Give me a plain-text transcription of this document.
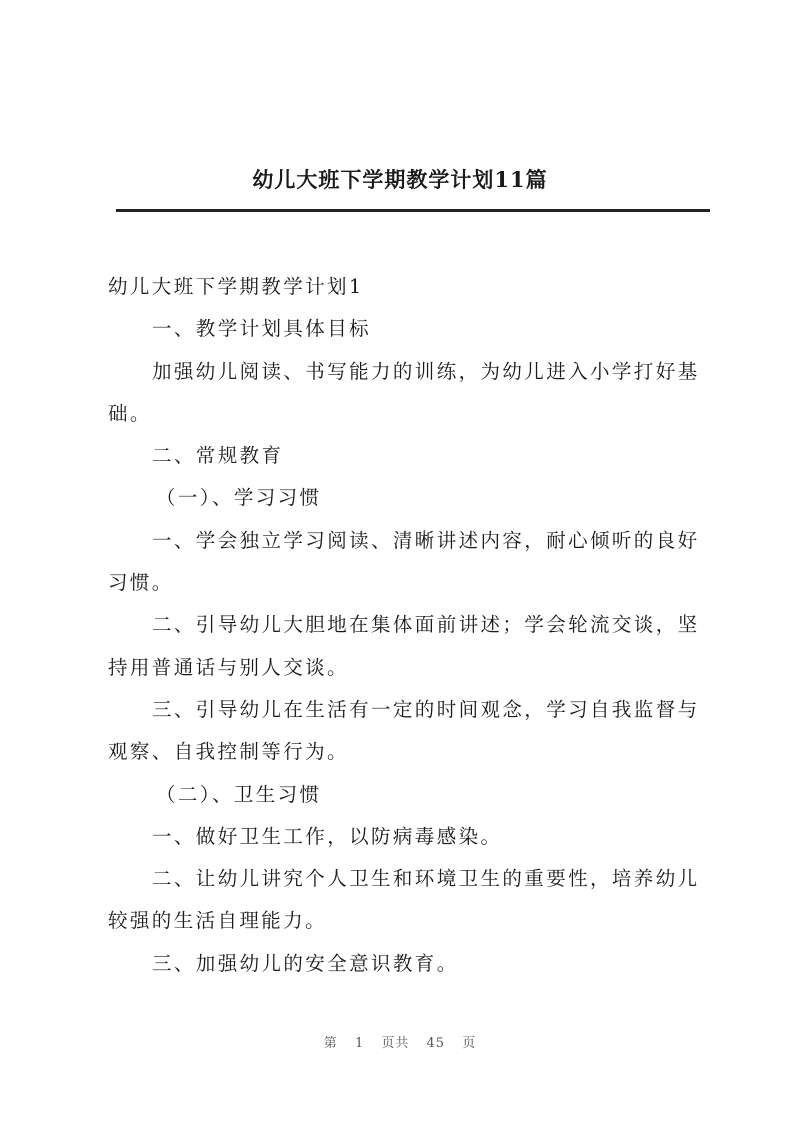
幼儿大班下学期教学计划11篇

幼儿大班下学期教学计划1

一、教学计划具体目标

加强幼儿阅读、书写能力的训练，为幼儿进入小学打好基础。

二、常规教育

（一）、学习习惯

一、学会独立学习阅读、清晰讲述内容，耐心倾听的良好习惯。

二、引导幼儿大胆地在集体面前讲述；学会轮流交谈，坚持用普通话与别人交谈。

三、引导幼儿在生活有一定的时间观念，学习自我监督与观察、自我控制等行为。

（二）、卫生习惯

一、做好卫生工作，以防病毒感染。

二、让幼儿讲究个人卫生和环境卫生的重要性，培养幼儿较强的生活自理能力。

三、加强幼儿的安全意识教育。

第 1 页共 45 页
